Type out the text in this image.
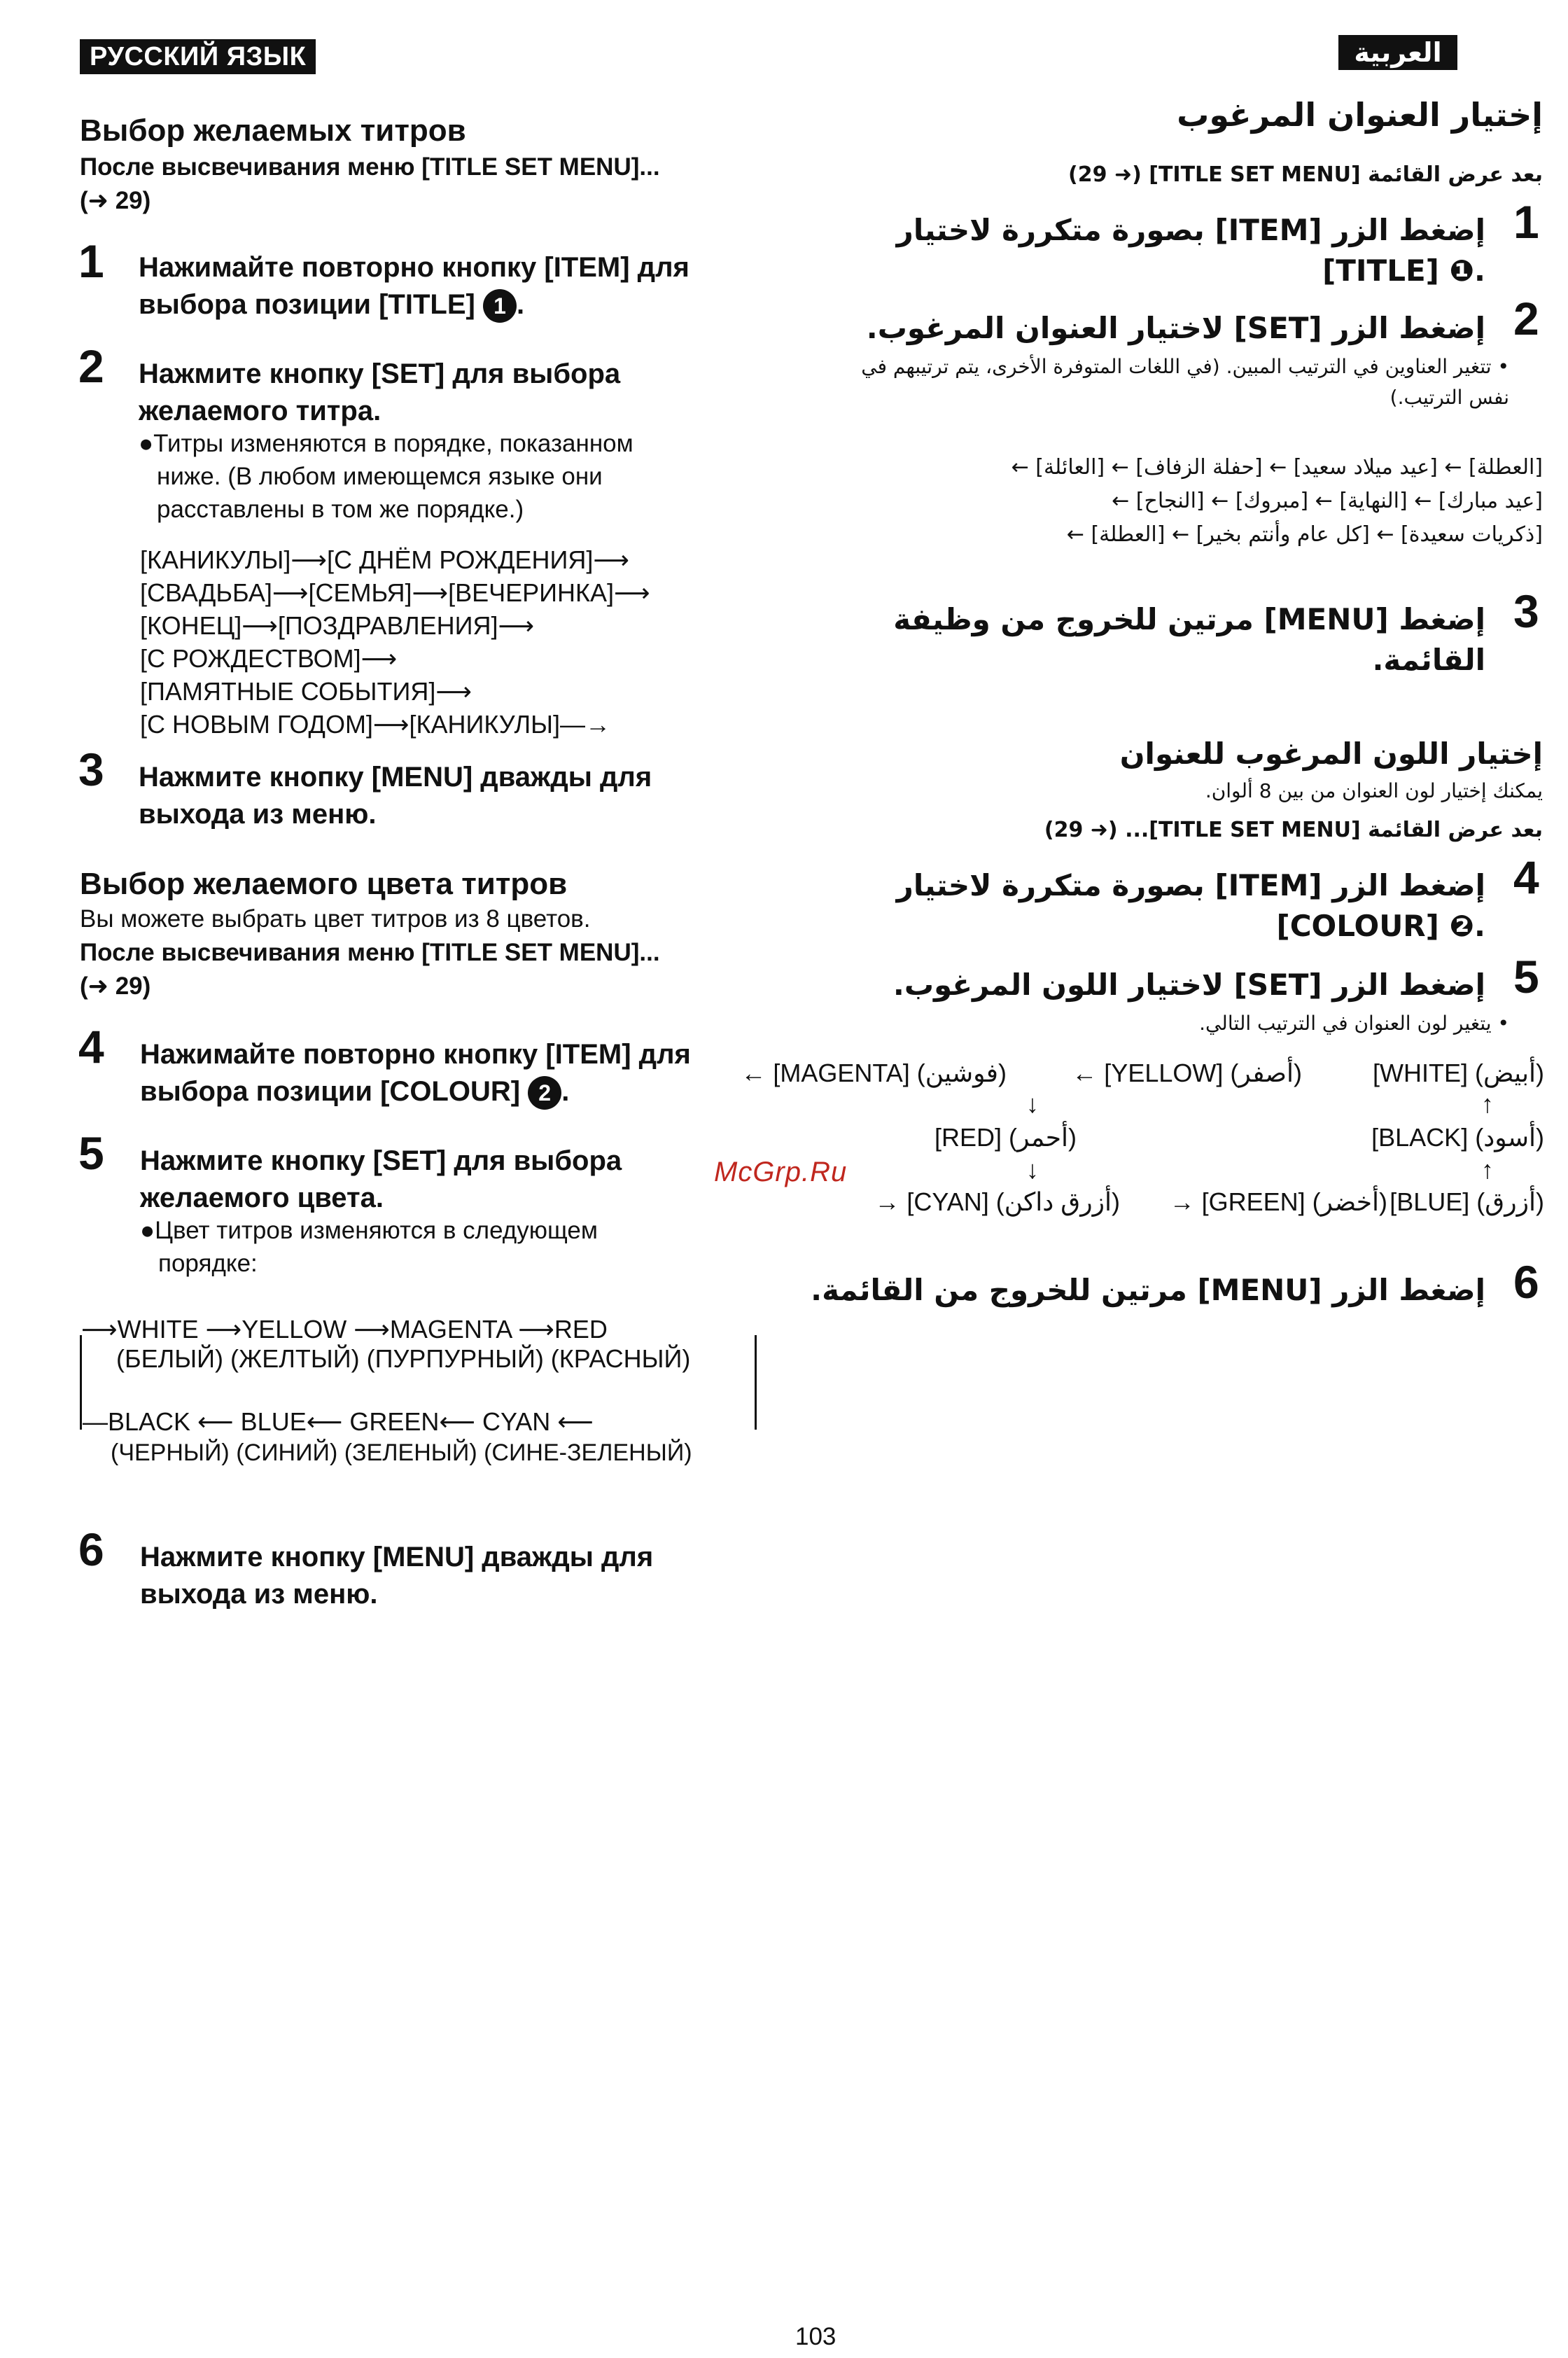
РУССКИЙ ЯЗЫК
Выбор желаемых титров
После высвечивания меню [TITLE SET MENU]...
(➜ 29)
1 Нажимайте повторно кнопку [ITEM] для
выбора позиции [TITLE] 1 .
2 Нажмите кнопку [SET] для выбора
желаемого титра.
●Титры изменяются в порядке, показанном
ниже. (В любом имеющемся языке они
расставлены в том же порядке.)
[КАНИКУЛЫ]⟶[С ДНЁМ РОЖДЕНИЯ]⟶
[СВАДЬБА]⟶[СЕМЬЯ]⟶[ВЕЧЕРИНКА]⟶
[КОНЕЦ]⟶[ПОЗДРАВЛЕНИЯ]⟶
[С РОЖДЕСТВОМ]⟶
[ПАМЯТНЫЕ СОБЫТИЯ]⟶
[С НОВЫМ ГОДОМ]⟶[КАНИКУЛЫ]—→
3 Нажмите кнопку [MENU] дважды для
выхода из меню.
Выбор желаемого цвета титров
Вы можете выбрать цвет титров из 8 цветов.
После высвечивания меню [TITLE SET MENU]...
(➜ 29)
4 Нажимайте повторно кнопку [ITEM] для
выбора позиции [COLOUR] 2 .
5 Нажмите кнопку [SET] для выбора
желаемого цвета.
●Цвет титров изменяются в следующем
порядке:
⟶WHITE ⟶YELLOW ⟶MAGENTA ⟶RED
(БЕЛЫЙ) (ЖЕЛТЫЙ) (ПУРПУРНЫЙ) (КРАСНЫЙ)
—BLACK ⟵ BLUE⟵ GREEN⟵ CYAN ⟵
(ЧЕРНЫЙ) (СИНИЙ) (ЗЕЛЕНЫЙ) (СИНЕ-ЗЕЛЕНЫЙ)
6 Нажмите кнопку [MENU] дважды для
выхода из меню.
McGrp.Ru
العربية
إختيار العنوان المرغوب
بعد عرض القائمة [TITLE SET MENU] (➜ 29)
1
إضغط الزر [ITEM] بصورة متكررة لاختيار
.❶ [TITLE]
2
إضغط الزر [SET] لاختيار العنوان المرغوب.
• تتغير العناوين في الترتيب المبين. (في اللغات المتوفرة الأخرى، يتم ترتيبهم في
نفس الترتيب.)
[العطلة] ← [عيد ميلاد سعيد] ← [حفلة الزفاف] ← [العائلة] ←
[عيد مبارك] ← [النهاية] ← [مبروك] ← [النجاح] ←
[ذكريات سعيدة] ← [كل عام وأنتم بخير] ← [العطلة] ←
3
إضغط [MENU] مرتين للخروج من وظيفة
القائمة.
إختيار اللون المرغوب للعنوان
يمكنك إختيار لون العنوان من بين 8 ألوان.
بعد عرض القائمة [TITLE SET MENU]... (➜ 29)
4
إضغط الزر [ITEM] بصورة متكررة لاختيار
.❷ [COLOUR]
5
إضغط الزر [SET] لاختيار اللون المرغوب.
• يتغير لون العنوان في الترتيب التالي.
[WHITE] (أبيض)
← [YELLOW] (أصفر)
← [MAGENTA] (فوشين)
↑
↓
[BLACK] (أسود)
[RED] (أحمر)
↑
↓
[BLUE] (أزرق)
→ [GREEN] (أخضر)
→ [CYAN] (أزرق داكن)
6
إضغط الزر [MENU] مرتين للخروج من القائمة.
103
